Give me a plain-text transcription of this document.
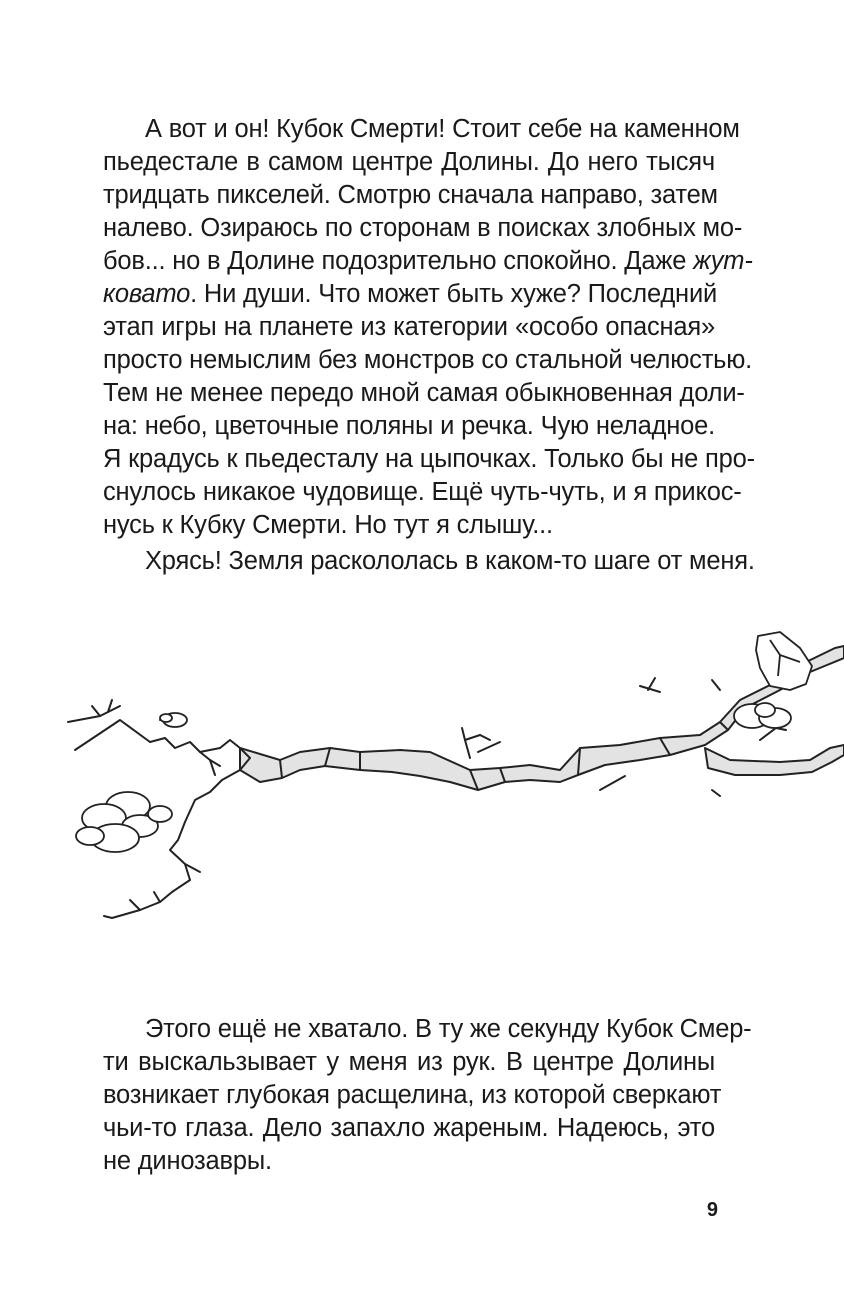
А вот и он! Кубок Смерти! Стоит себе на каменном
пьедестале в самом центре Долины. До него тысяч
тридцать пикселей. Смотрю сначала направо, затем
налево. Озираюсь по сторонам в поисках злобных мо-
бов... но в Долине подозрительно спокойно. Даже жут-
ковато. Ни души. Что может быть хуже? Последний
этап игры на планете из категории «особо опасная»
просто немыслим без монстров со стальной челюстью.
Тем не менее передо мной самая обыкновенная доли-
на: небо, цветочные поляны и речка. Чую неладное.
Я крадусь к пьедесталу на цыпочках. Только бы не про-
снулось никакое чудовище. Ещё чуть-чуть, и я прикос-
нусь к Кубку Смерти. Но тут я слышу...
Хрясь! Земля раскололась в каком-то шаге от меня.
Этого ещё не хватало. В ту же секунду Кубок Смер-
ти выскальзывает у меня из рук. В центре Долины
возникает глубокая расщелина, из которой сверкают
чьи-то глаза. Дело запахло жареным. Надеюсь, это
не динозавры.
9
